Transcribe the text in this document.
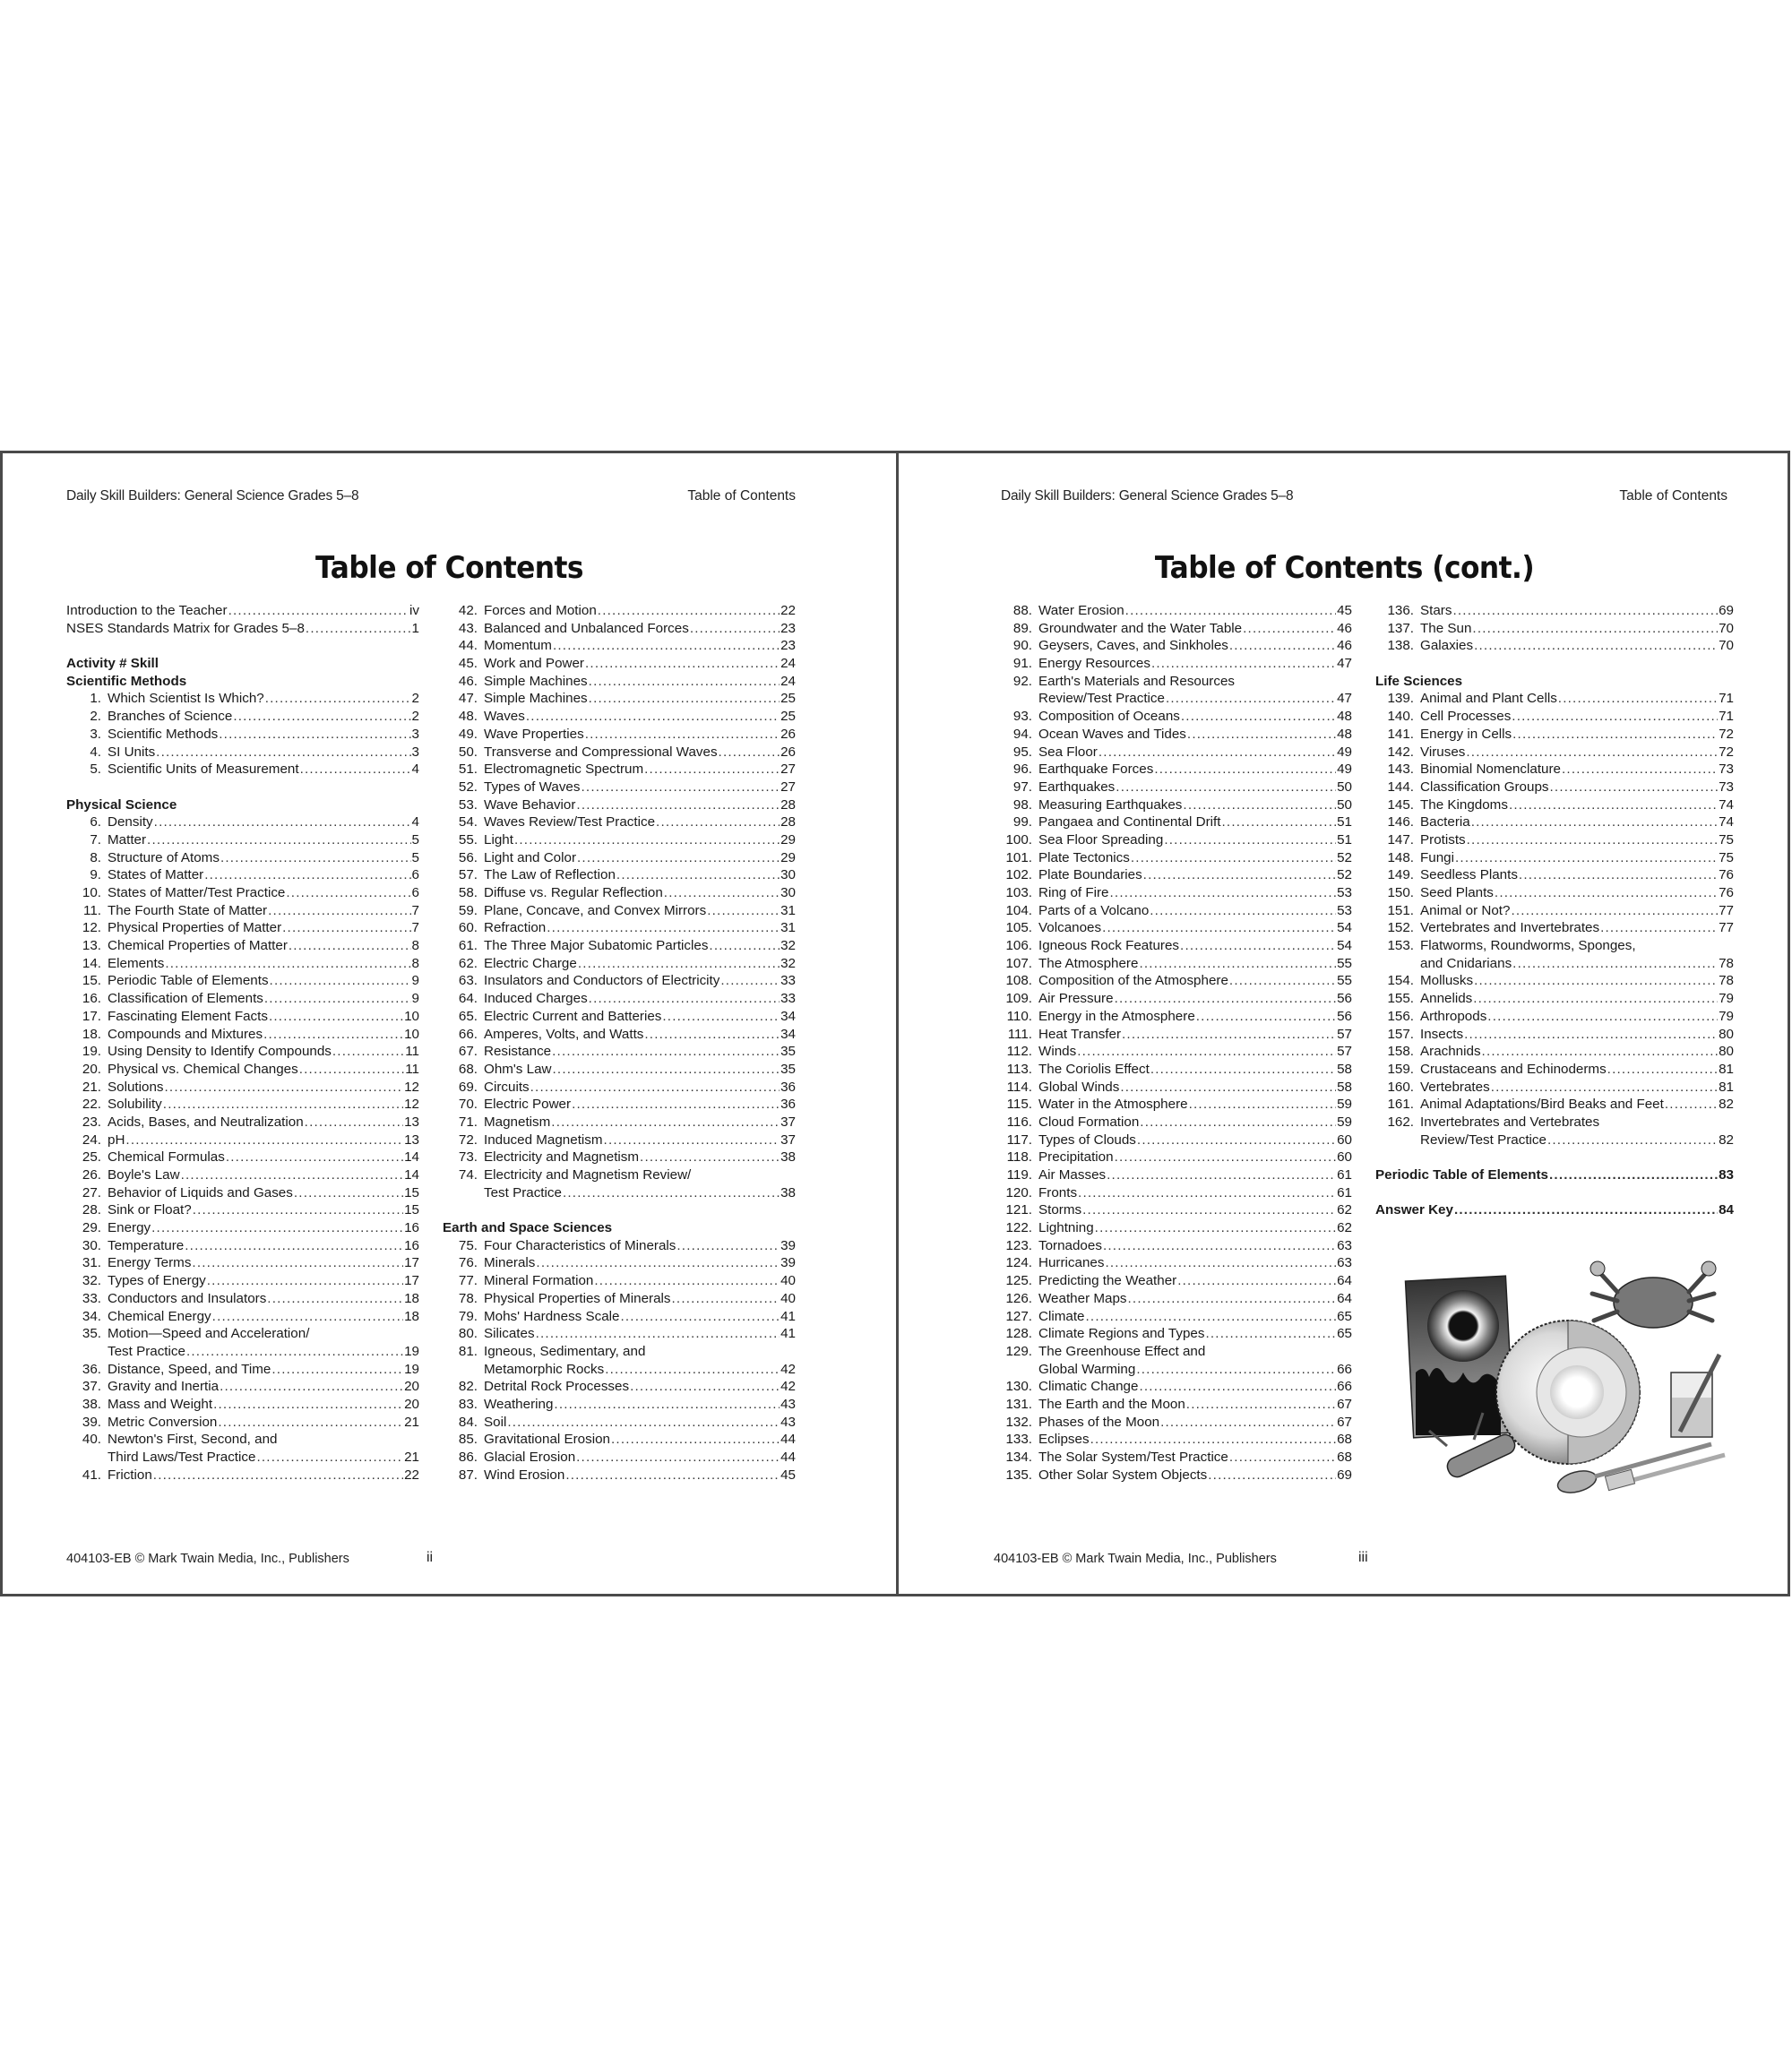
Daily Skill Builders: General Science Grades 5–8	Table of Contents
Table of Contents
Introduction to the Teacher .....	iv
NSES Standards Matrix for Grades 5–8 .....	1
Activity # Skill
Scientific Methods
1. Which Scientist Is Which? .....	2
2. Branches of Science .....	2
3. Scientific Methods .....	3
4. SI Units .....	3
5. Scientific Units of Measurement .....	4
Physical Science
6. Density .....	4
7. Matter .....	5
8. Structure of Atoms .....	5
9. States of Matter .....	6
10. States of Matter/Test Practice .....	6
11. The Fourth State of Matter .....	7
12. Physical Properties of Matter .....	7
13. Chemical Properties of Matter .....	8
14. Elements .....	8
15. Periodic Table of Elements .....	9
16. Classification of Elements .....	9
17. Fascinating Element Facts .....	10
18. Compounds and Mixtures .....	10
19. Using Density to Identify Compounds .....	11
20. Physical vs. Chemical Changes .....	11
21. Solutions .....	12
22. Solubility .....	12
23. Acids, Bases, and Neutralization .....	13
24. pH .....	13
25. Chemical Formulas .....	14
26. Boyle's Law .....	14
27. Behavior of Liquids and Gases .....	15
28. Sink or Float? .....	15
29. Energy .....	16
30. Temperature .....	16
31. Energy Terms .....	17
32. Types of Energy .....	17
33. Conductors and Insulators .....	18
34. Chemical Energy .....	18
35. Motion—Speed and Acceleration/
Test Practice .....	19
36. Distance, Speed, and Time .....	19
37. Gravity and Inertia .....	20
38. Mass and Weight .....	20
39. Metric Conversion .....	21
40. Newton's First, Second, and
Third Laws/Test Practice .....	21
41. Friction .....	22
42. Forces and Motion .....	22
43. Balanced and Unbalanced Forces .....	23
44. Momentum .....	23
45. Work and Power .....	24
46. Simple Machines .....	24
47. Simple Machines .....	25
48. Waves .....	25
49. Wave Properties .....	26
50. Transverse and Compressional Waves .....	26
51. Electromagnetic Spectrum .....	27
52. Types of Waves .....	27
53. Wave Behavior .....	28
54. Waves Review/Test Practice .....	28
55. Light .....	29
56. Light and Color .....	29
57. The Law of Reflection .....	30
58. Diffuse vs. Regular Reflection .....	30
59. Plane, Concave, and Convex Mirrors .....	31
60. Refraction .....	31
61. The Three Major Subatomic Particles .....	32
62. Electric Charge .....	32
63. Insulators and Conductors of Electricity .....	33
64. Induced Charges .....	33
65. Electric Current and Batteries .....	34
66. Amperes, Volts, and Watts .....	34
67. Resistance .....	35
68. Ohm's Law .....	35
69. Circuits .....	36
70. Electric Power .....	36
71. Magnetism .....	37
72. Induced Magnetism .....	37
73. Electricity and Magnetism .....	38
74. Electricity and Magnetism Review/
Test Practice .....	38
Earth and Space Sciences
75. Four Characteristics of Minerals .....	39
76. Minerals .....	39
77. Mineral Formation .....	40
78. Physical Properties of Minerals .....	40
79. Mohs' Hardness Scale .....	41
80. Silicates .....	41
81. Igneous, Sedimentary, and
Metamorphic Rocks .....	42
82. Detrital Rock Processes .....	42
83. Weathering .....	43
84. Soil .....	43
85. Gravitational Erosion .....	44
86. Glacial Erosion .....	44
87. Wind Erosion .....	45
404103-EB © Mark Twain Media, Inc., Publishers	ii
Daily Skill Builders: General Science Grades 5–8	Table of Contents
Table of Contents (cont.)
88. Water Erosion .....	45
89. Groundwater and the Water Table .....	46
90. Geysers, Caves, and Sinkholes .....	46
91. Energy Resources .....	47
92. Earth's Materials and Resources
Review/Test Practice .....	47
93. Composition of Oceans .....	48
94. Ocean Waves and Tides .....	48
95. Sea Floor .....	49
96. Earthquake Forces .....	49
97. Earthquakes .....	50
98. Measuring Earthquakes .....	50
99. Pangaea and Continental Drift .....	51
100. Sea Floor Spreading .....	51
101. Plate Tectonics .....	52
102. Plate Boundaries .....	52
103. Ring of Fire .....	53
104. Parts of a Volcano .....	53
105. Volcanoes .....	54
106. Igneous Rock Features .....	54
107. The Atmosphere .....	55
108. Composition of the Atmosphere .....	55
109. Air Pressure .....	56
110. Energy in the Atmosphere .....	56
111. Heat Transfer .....	57
112. Winds .....	57
113. The Coriolis Effect .....	58
114. Global Winds .....	58
115. Water in the Atmosphere .....	59
116. Cloud Formation .....	59
117. Types of Clouds .....	60
118. Precipitation .....	60
119. Air Masses .....	61
120. Fronts .....	61
121. Storms .....	62
122. Lightning .....	62
123. Tornadoes .....	63
124. Hurricanes .....	63
125. Predicting the Weather .....	64
126. Weather Maps .....	64
127. Climate .....	65
128. Climate Regions and Types .....	65
129. The Greenhouse Effect and
Global Warming .....	66
130. Climatic Change .....	66
131. The Earth and the Moon .....	67
132. Phases of the Moon .....	67
133. Eclipses .....	68
134. The Solar System/Test Practice .....	68
135. Other Solar System Objects .....	69
136. Stars .....	69
137. The Sun .....	70
138. Galaxies .....	70
Life Sciences
139. Animal and Plant Cells .....	71
140. Cell Processes .....	71
141. Energy in Cells .....	72
142. Viruses .....	72
143. Binomial Nomenclature .....	73
144. Classification Groups .....	73
145. The Kingdoms .....	74
146. Bacteria .....	74
147. Protists .....	75
148. Fungi .....	75
149. Seedless Plants .....	76
150. Seed Plants .....	76
151. Animal or Not? .....	77
152. Vertebrates and Invertebrates .....	77
153. Flatworms, Roundworms, Sponges,
and Cnidarians .....	78
154. Mollusks .....	78
155. Annelids .....	79
156. Arthropods .....	79
157. Insects .....	80
158. Arachnids .....	80
159. Crustaceans and Echinoderms .....	81
160. Vertebrates .....	81
161. Animal Adaptations/Bird Beaks and Feet .....	82
162. Invertebrates and Vertebrates
Review/Test Practice .....	82
Periodic Table of Elements .....	83
Answer Key .....	84
404103-EB © Mark Twain Media, Inc., Publishers	iii
